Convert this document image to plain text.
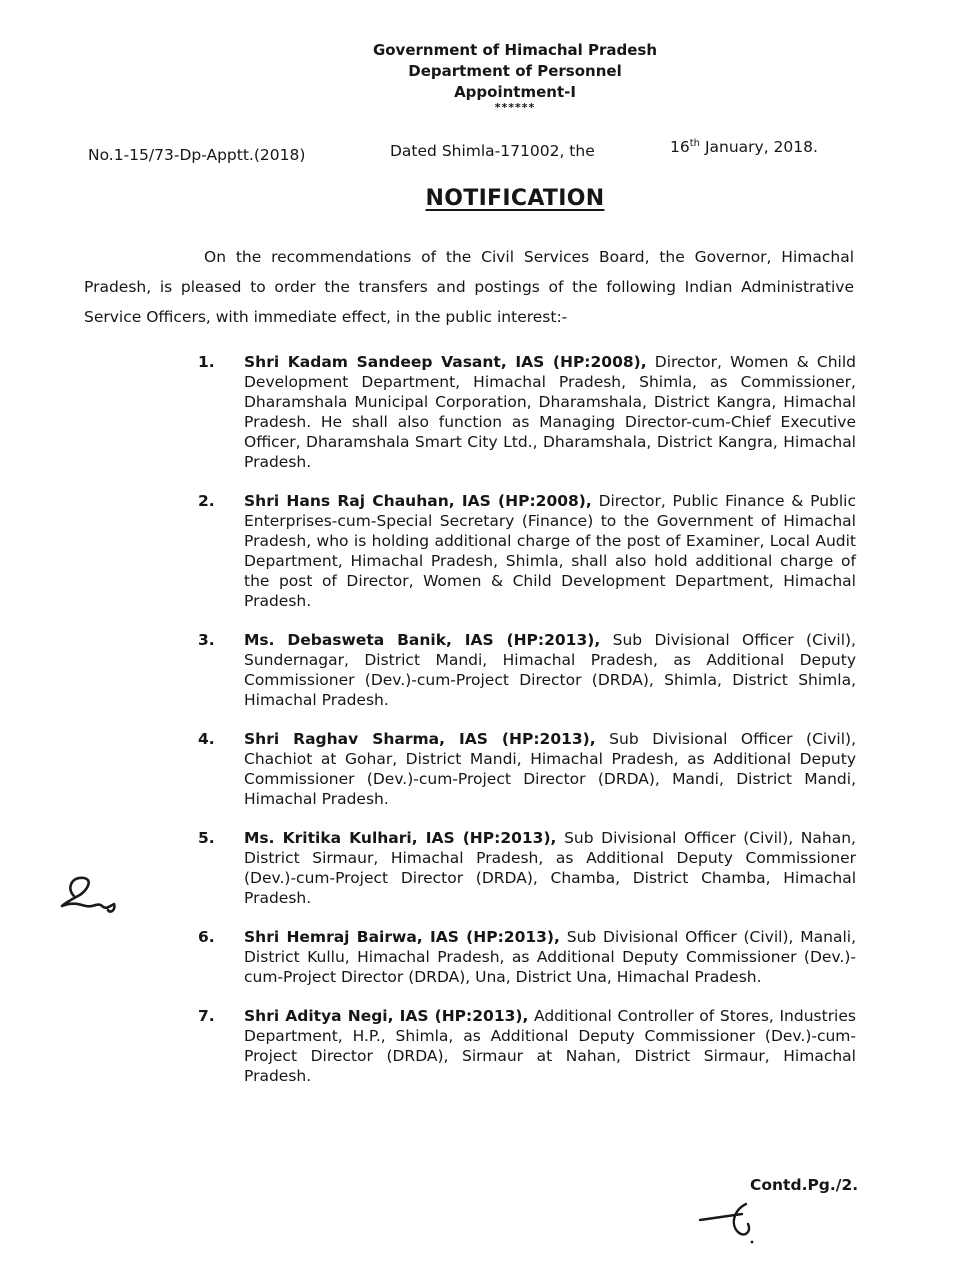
Government of Himachal Pradesh
Department of Personnel
Appointment-I
******
No.1-15/73-Dp-Apptt.(2018)	Dated Shimla-171002, the	16th January, 2018.
NOTIFICATION
On the recommendations of the Civil Services Board, the Governor, Himachal Pradesh, is pleased to order the transfers and postings of the following Indian Administrative Service Officers, with immediate effect, in the public interest:-
1. Shri Kadam Sandeep Vasant, IAS (HP:2008), Director, Women & Child Development Department, Himachal Pradesh, Shimla, as Commissioner, Dharamshala Municipal Corporation, Dharamshala, District Kangra, Himachal Pradesh. He shall also function as Managing Director-cum-Chief Executive Officer, Dharamshala Smart City Ltd., Dharamshala, District Kangra, Himachal Pradesh.
2. Shri Hans Raj Chauhan, IAS (HP:2008), Director, Public Finance & Public Enterprises-cum-Special Secretary (Finance) to the Government of Himachal Pradesh, who is holding additional charge of the post of Examiner, Local Audit Department, Himachal Pradesh, Shimla, shall also hold additional charge of the post of Director, Women & Child Development Department, Himachal Pradesh.
3. Ms. Debasweta Banik, IAS (HP:2013), Sub Divisional Officer (Civil), Sundernagar, District Mandi, Himachal Pradesh, as Additional Deputy Commissioner (Dev.)-cum-Project Director (DRDA), Shimla, District Shimla, Himachal Pradesh.
4. Shri Raghav Sharma, IAS (HP:2013), Sub Divisional Officer (Civil), Chachiot at Gohar, District Mandi, Himachal Pradesh, as Additional Deputy Commissioner (Dev.)-cum-Project Director (DRDA), Mandi, District Mandi, Himachal Pradesh.
5. Ms. Kritika Kulhari, IAS (HP:2013), Sub Divisional Officer (Civil), Nahan, District Sirmaur, Himachal Pradesh, as Additional Deputy Commissioner (Dev.)-cum-Project Director (DRDA), Chamba, District Chamba, Himachal Pradesh.
6. Shri Hemraj Bairwa, IAS (HP:2013), Sub Divisional Officer (Civil), Manali, District Kullu, Himachal Pradesh, as Additional Deputy Commissioner (Dev.)-cum-Project Director (DRDA), Una, District Una, Himachal Pradesh.
7. Shri Aditya Negi, IAS (HP:2013), Additional Controller of Stores, Industries Department, H.P., Shimla, as Additional Deputy Commissioner (Dev.)-cum-Project Director (DRDA), Sirmaur at Nahan, District Sirmaur, Himachal Pradesh.
Contd.Pg./2.
